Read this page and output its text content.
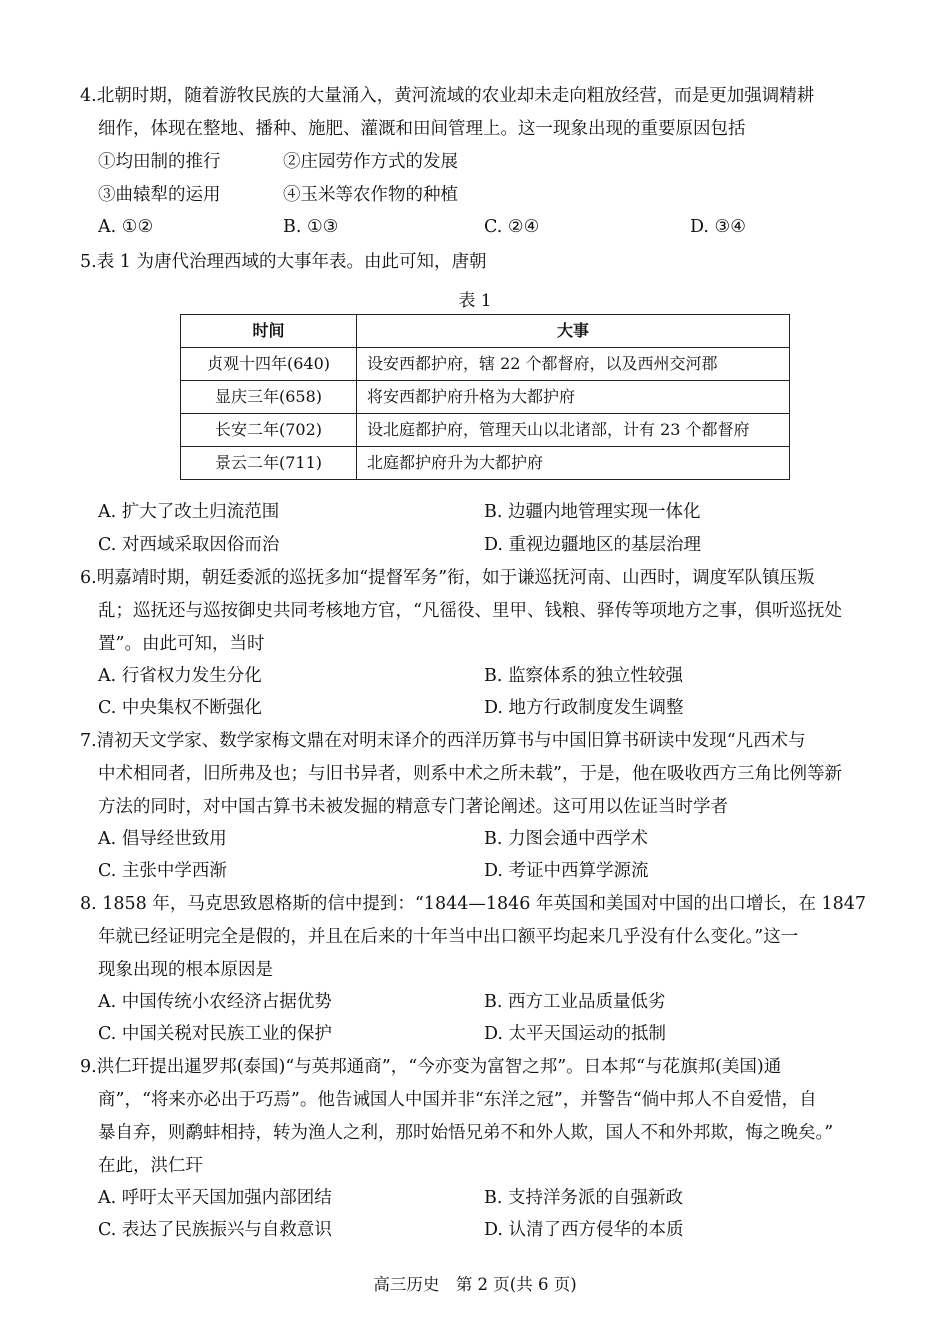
4.北朝时期，随着游牧民族的大量涌入，黄河流域的农业却未走向粗放经营，而是更加强调精耕
细作，体现在整地、播种、施肥、灌溉和田间管理上。这一现象出现的重要原因包括
①均田制的推行	②庄园劳作方式的发展
③曲辕犁的运用	④玉米等农作物的种植
A. ①②	B. ①③	C. ②④	D. ③④
5.表 1 为唐代治理西域的大事年表。由此可知，唐朝
表 1
时间	大事
贞观十四年(640)	设安西都护府，辖 22 个都督府，以及西州交河郡
显庆三年(658)	将安西都护府升格为大都护府
长安二年(702)	设北庭都护府，管理天山以北诸部，计有 23 个都督府
景云二年(711)	北庭都护府升为大都护府
A. 扩大了改土归流范围	B. 边疆内地管理实现一体化
C. 对西域采取因俗而治	D. 重视边疆地区的基层治理
6.明嘉靖时期，朝廷委派的巡抚多加“提督军务”衔，如于谦巡抚河南、山西时，调度军队镇压叛
乱；巡抚还与巡按御史共同考核地方官，“凡徭役、里甲、钱粮、驿传等项地方之事，俱听巡抚处
置”。由此可知，当时
A. 行省权力发生分化	B. 监察体系的独立性较强
C. 中央集权不断强化	D. 地方行政制度发生调整
7.清初天文学家、数学家梅文鼎在对明末译介的西洋历算书与中国旧算书研读中发现“凡西术与
中术相同者，旧所弗及也；与旧书异者，则系中术之所未载”，于是，他在吸收西方三角比例等新
方法的同时，对中国古算书未被发掘的精意专门著论阐述。这可用以佐证当时学者
A. 倡导经世致用	B. 力图会通中西学术
C. 主张中学西渐	D. 考证中西算学源流
8. 1858 年，马克思致恩格斯的信中提到：“1844—1846 年英国和美国对中国的出口增长，在 1847
年就已经证明完全是假的，并且在后来的十年当中出口额平均起来几乎没有什么变化。”这一
现象出现的根本原因是
A. 中国传统小农经济占据优势	B. 西方工业品质量低劣
C. 中国关税对民族工业的保护	D. 太平天国运动的抵制
9.洪仁玕提出暹罗邦(泰国)“与英邦通商”，“今亦变为富智之邦”。日本邦“与花旗邦(美国)通
商”，“将来亦必出于巧焉”。他告诫国人中国并非“东洋之冠”，并警告“倘中邦人不自爱惜，自
暴自弃，则鹬蚌相持，转为渔人之利，那时始悟兄弟不和外人欺，国人不和外邦欺，悔之晚矣。”
在此，洪仁玕
A. 呼吁太平天国加强内部团结	B. 支持洋务派的自强新政
C. 表达了民族振兴与自救意识	D. 认清了西方侵华的本质
高三历史　第 2 页(共 6 页)
